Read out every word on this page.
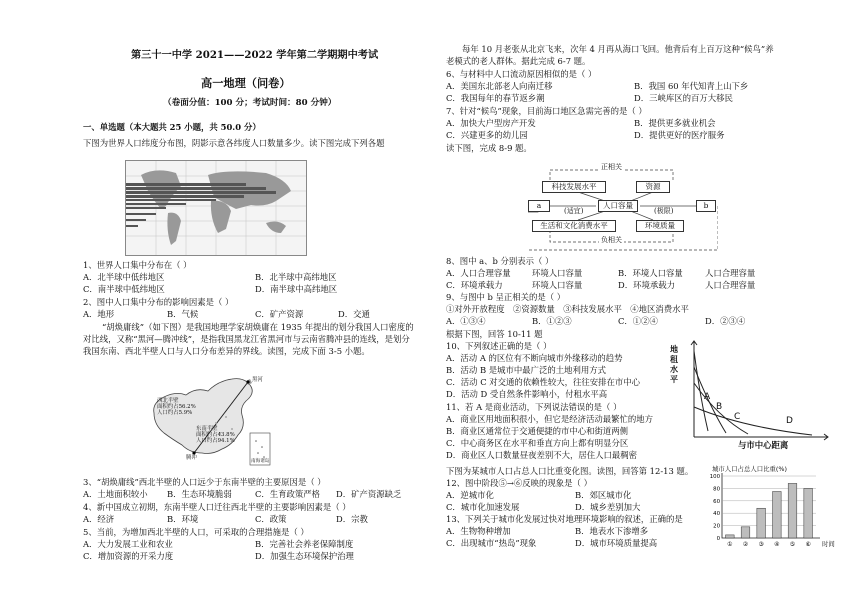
第三十一中学 2021——2022 学年第二学期期中考试
高一地理（问卷）
（卷面分值：100 分；考试时间：80 分钟）
一、单选题（本大题共 25 小题，共 50.0 分）
下图为世界人口纬度分布图，阴影示意各纬度人口数量多少。读下图完成下列各题
1、世界人口集中分布在（ ）
A．北半球中低纬地区	B．北半球中高纬地区
C．南半球中低纬地区	D．南半球中高纬地区
2、图中人口集中分布的影响因素是（ ）
A．地形	B．气候	C．矿产资源	D．交通
“胡焕庸线”（如下图）是我国地理学家胡焕庸在 1935 年提出的划分我国人口密度的
对比线，又称“黑河—腾冲线”，是指我国黑龙江省黑河市与云南省腾冲县的连线，是划分
我国东南、西北半壁人口与人口分布差异的界线。读图，完成下面 3-5 小题。
西北半壁
面积约占56.2%
人口约占5.9%
东南半壁
面积约占43.8%
人口约占94.1%
黑河
腾冲
南海诸岛
3、“胡焕庸线”西北半壁的人口远少于东南半壁的主要原因是（ ）
A．土地面积较小 B．生态环境脆弱	C．生育政策严格 D．矿产资源缺乏
4、新中国成立初期，东南半壁人口迁往西北半壁的主要影响因素是（ ）
A．经济	B．环境	C．政策	D．宗教
5、当前，为增加西北半壁的人口，可采取的合理措施是（ ）
A．大力发展工业和农业	B．完善社会养老保障制度
C．增加资源的开采力度	D．加强生态环境保护治理
每年 10 月老张从北京飞来，次年 4 月再从海口飞回。他背后有上百万这种“候鸟”养
老模式的老人群体。据此完成 6-7 题。
6、与材料中人口流动原因相似的是（ ）
A．美国东北部老人向南迁移	B．我国 60 年代知青上山下乡
C．我国每年的春节返乡潮	D．三峡库区的百万大移民
7、针对“候鸟”现象，目前海口地区急需完善的是（ ）
A．加快大户型房产开发	B．提供更多就业机会
C．兴建更多的幼儿园	D．提供更好的医疗服务
读下图，完成 8-9 题。
正相关
科技发展水平	资源
a	人口容量	b
(适宜)	(极限)
生活和文化消费水平	环境质量
负相关
8、图中 a、b 分别表示（ ）
A．人口合理容量	环境人口容量	B．环境人口容量	人口合理容量
C．环境承载力	环境人口容量	D．环境承载力	人口合理容量
9、与图中 b 呈正相关的是（ ）
①对外开放程度　②资源数量　③科技发展水平　④地区消费水平
A．①③④	B．①②③	C．①②④	D．②③④
根据下图，回答 10-11 题
10、下列叙述正确的是（ ）
A．活动 A 的区位有不断向城市外缘移动的趋势
B．活动 B 是城市中最广泛的土地利用方式
C．活动 C 对交通的依赖性较大，往往安排在市中心
D．活动 D 受自然条件影响小，付租水平高
11、若 A 是商业活动，下列说法错误的是（ ）
A．商业区用地面积很小，但它是经济活动最繁忙的地方
B．商业区通常位于交通便捷的市中心和街道两侧
C．中心商务区在水平和垂直方向上都有明显分区
D．商业区人口数量昼夜差别不大，居住人口最稠密
A
B
C	D
地租水平
与市中心距离
下图为某城市人口占总人口比重变化图。读图，回答第 12-13 题。
12、图中阶段⑤→⑥反映的现象是（ ）
A．逆城市化	B．郊区城市化
C．城市化加速发展	D．城乡差别加大
13、下列关于城市化发展过快对地理环境影响的叙述，正确的是
A．生物物种增加	B．地表水下渗增多
C．出现城市“热岛”现象	D．城市环境质量提高
城市人口占总人口比重(%)
0
20
40
60
80
100
① ② ③ ④ ⑤ ⑥ 时间
